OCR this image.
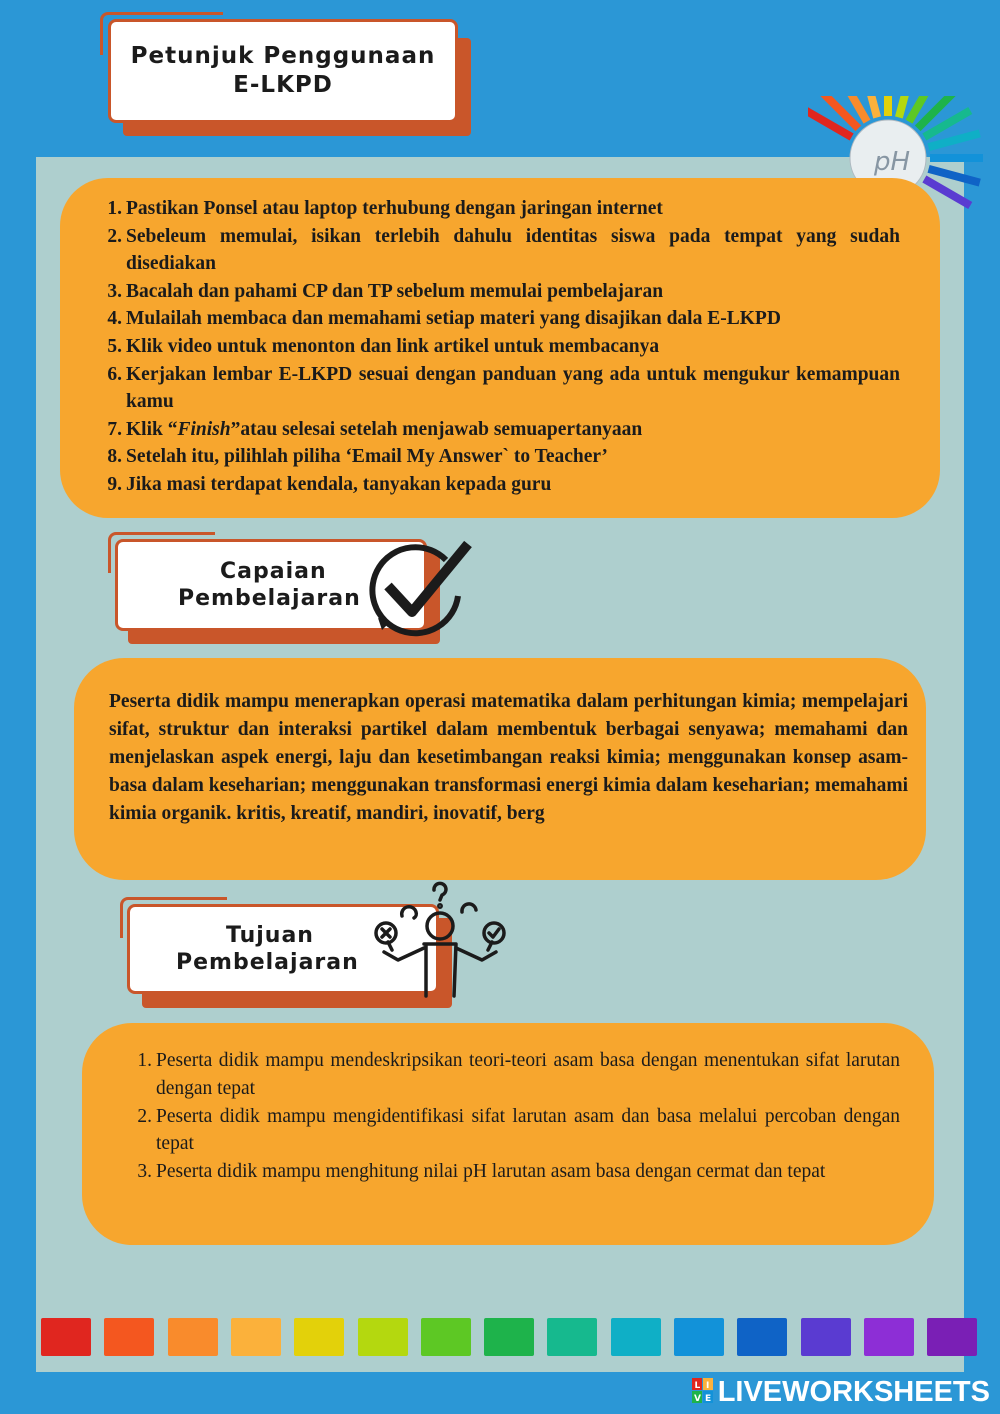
pH
Petunjuk Penggunaan
E-LKPD
1. Pastikan Ponsel atau laptop terhubung dengan jaringan internet
2. Sebeleum memulai, isikan terlebih dahulu identitas siswa pada tempat yang sudah disediakan
3. Bacalah dan pahami CP dan TP sebelum memulai pembelajaran
4. Mulailah membaca dan memahami setiap materi yang disajikan dala E-LKPD
5. Klik video untuk menonton dan link artikel untuk membacanya
6. Kerjakan lembar E-LKPD sesuai dengan panduan yang ada untuk mengukur kemampuan kamu
7. Klik “Finish”atau selesai setelah menjawab semuapertanyaan
8. Setelah itu, pilihlah piliha ‘Email My Answer` to Teacher’
9. Jika masi terdapat kendala, tanyakan kepada guru
Capaian
Pembelajaran

Peserta didik mampu menerapkan operasi matematika dalam perhitungan kimia; mempelajari sifat, struktur dan interaksi partikel dalam membentuk berbagai senyawa; memahami dan menjelaskan aspek energi, laju dan kesetimbangan reaksi kimia; menggunakan konsep asam-basa dalam keseharian; menggunakan transformasi energi kimia dalam keseharian; memahami kimia organik. kritis, kreatif, mandiri, inovatif, berg

Tujuan
Pembelajaran
1. Peserta didik mampu mendeskripsikan teori-teori asam basa dengan menentukan sifat larutan dengan tepat
2. Peserta didik mampu mengidentifikasi sifat larutan asam dan basa melalui percoban dengan tepat
3. Peserta didik mampu menghitung nilai pH larutan asam basa dengan cermat dan tepat
L I
V E LIVEWORKSHEETS
